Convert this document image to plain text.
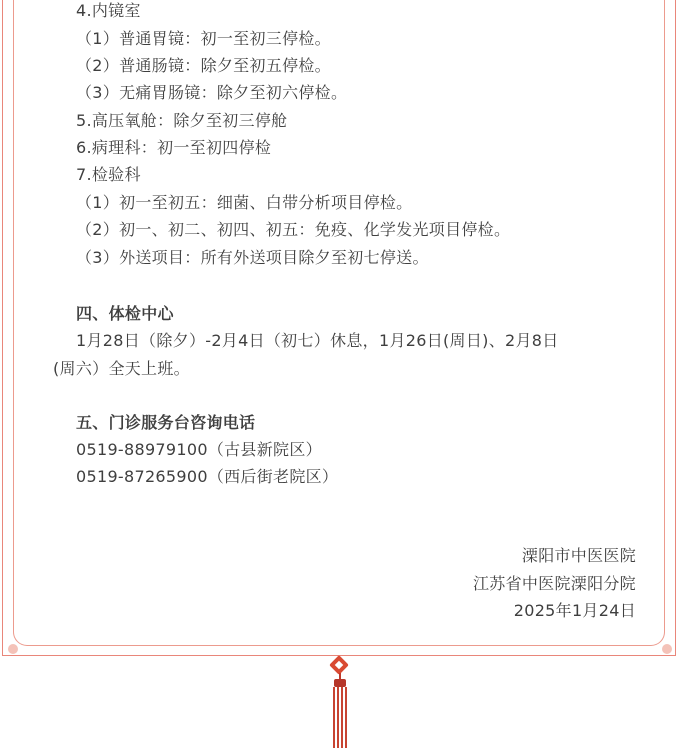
4.内镜室
（1）普通胃镜：初一至初三停检。
（2）普通肠镜：除夕至初五停检。
（3）无痛胃肠镜：除夕至初六停检。
5.高压氧舱：除夕至初三停舱
6.病理科：初一至初四停检
7.检验科
（1）初一至初五：细菌、白带分析项目停检。
（2）初一、初二、初四、初五：免疫、化学发光项目停检。
（3）外送项目：所有外送项目除夕至初七停送。
四、体检中心
1月28日（除夕）-2月4日（初七）休息，1月26日(周日)、2月8日
(周六）全天上班。
五、门诊服务台咨询电话
0519-88979100（古县新院区）
0519-87265900（西后街老院区）
溧阳市中医医院
江苏省中医院溧阳分院
2025年1月24日
